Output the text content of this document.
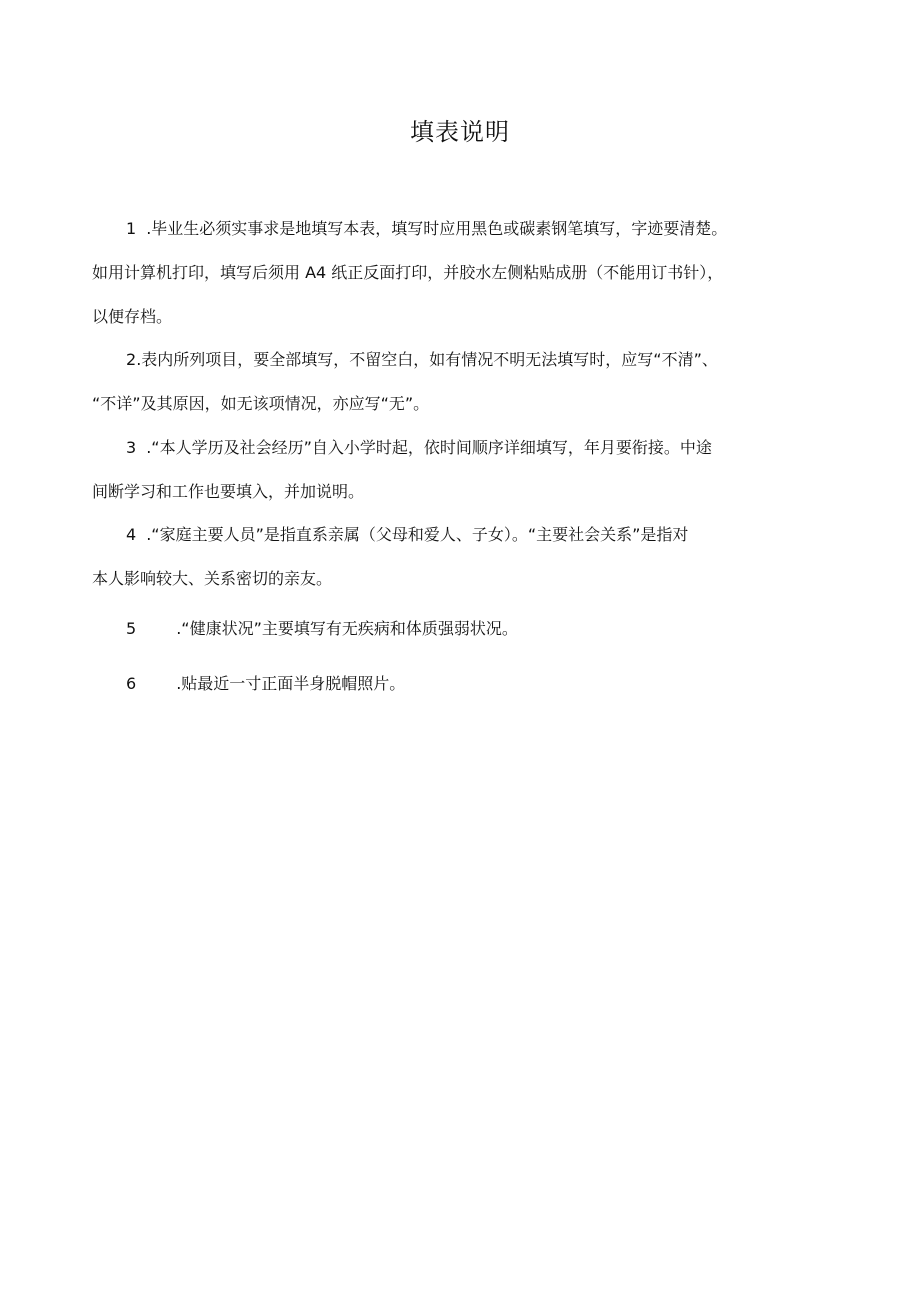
填表说明
1 .毕业生必须实事求是地填写本表，填写时应用黑色或碳素钢笔填写，字迹要清楚。
如用计算机打印，填写后须用 A4 纸正反面打印，并胶水左侧粘贴成册（不能用订书针），
以便存档。
2.表内所列项目，要全部填写，不留空白，如有情况不明无法填写时，应写“不清”、
“不详”及其原因，如无该项情况，亦应写“无”。
3 .“本人学历及社会经历”自入小学时起，依时间顺序详细填写，年月要衔接。中途
间断学习和工作也要填入，并加说明。
4 .“家庭主要人员”是指直系亲属（父母和爱人、子女）。“主要社会关系”是指对
本人影响较大、关系密切的亲友。
5	.“健康状况”主要填写有无疾病和体质强弱状况。
6	.贴最近一寸正面半身脱帽照片。
